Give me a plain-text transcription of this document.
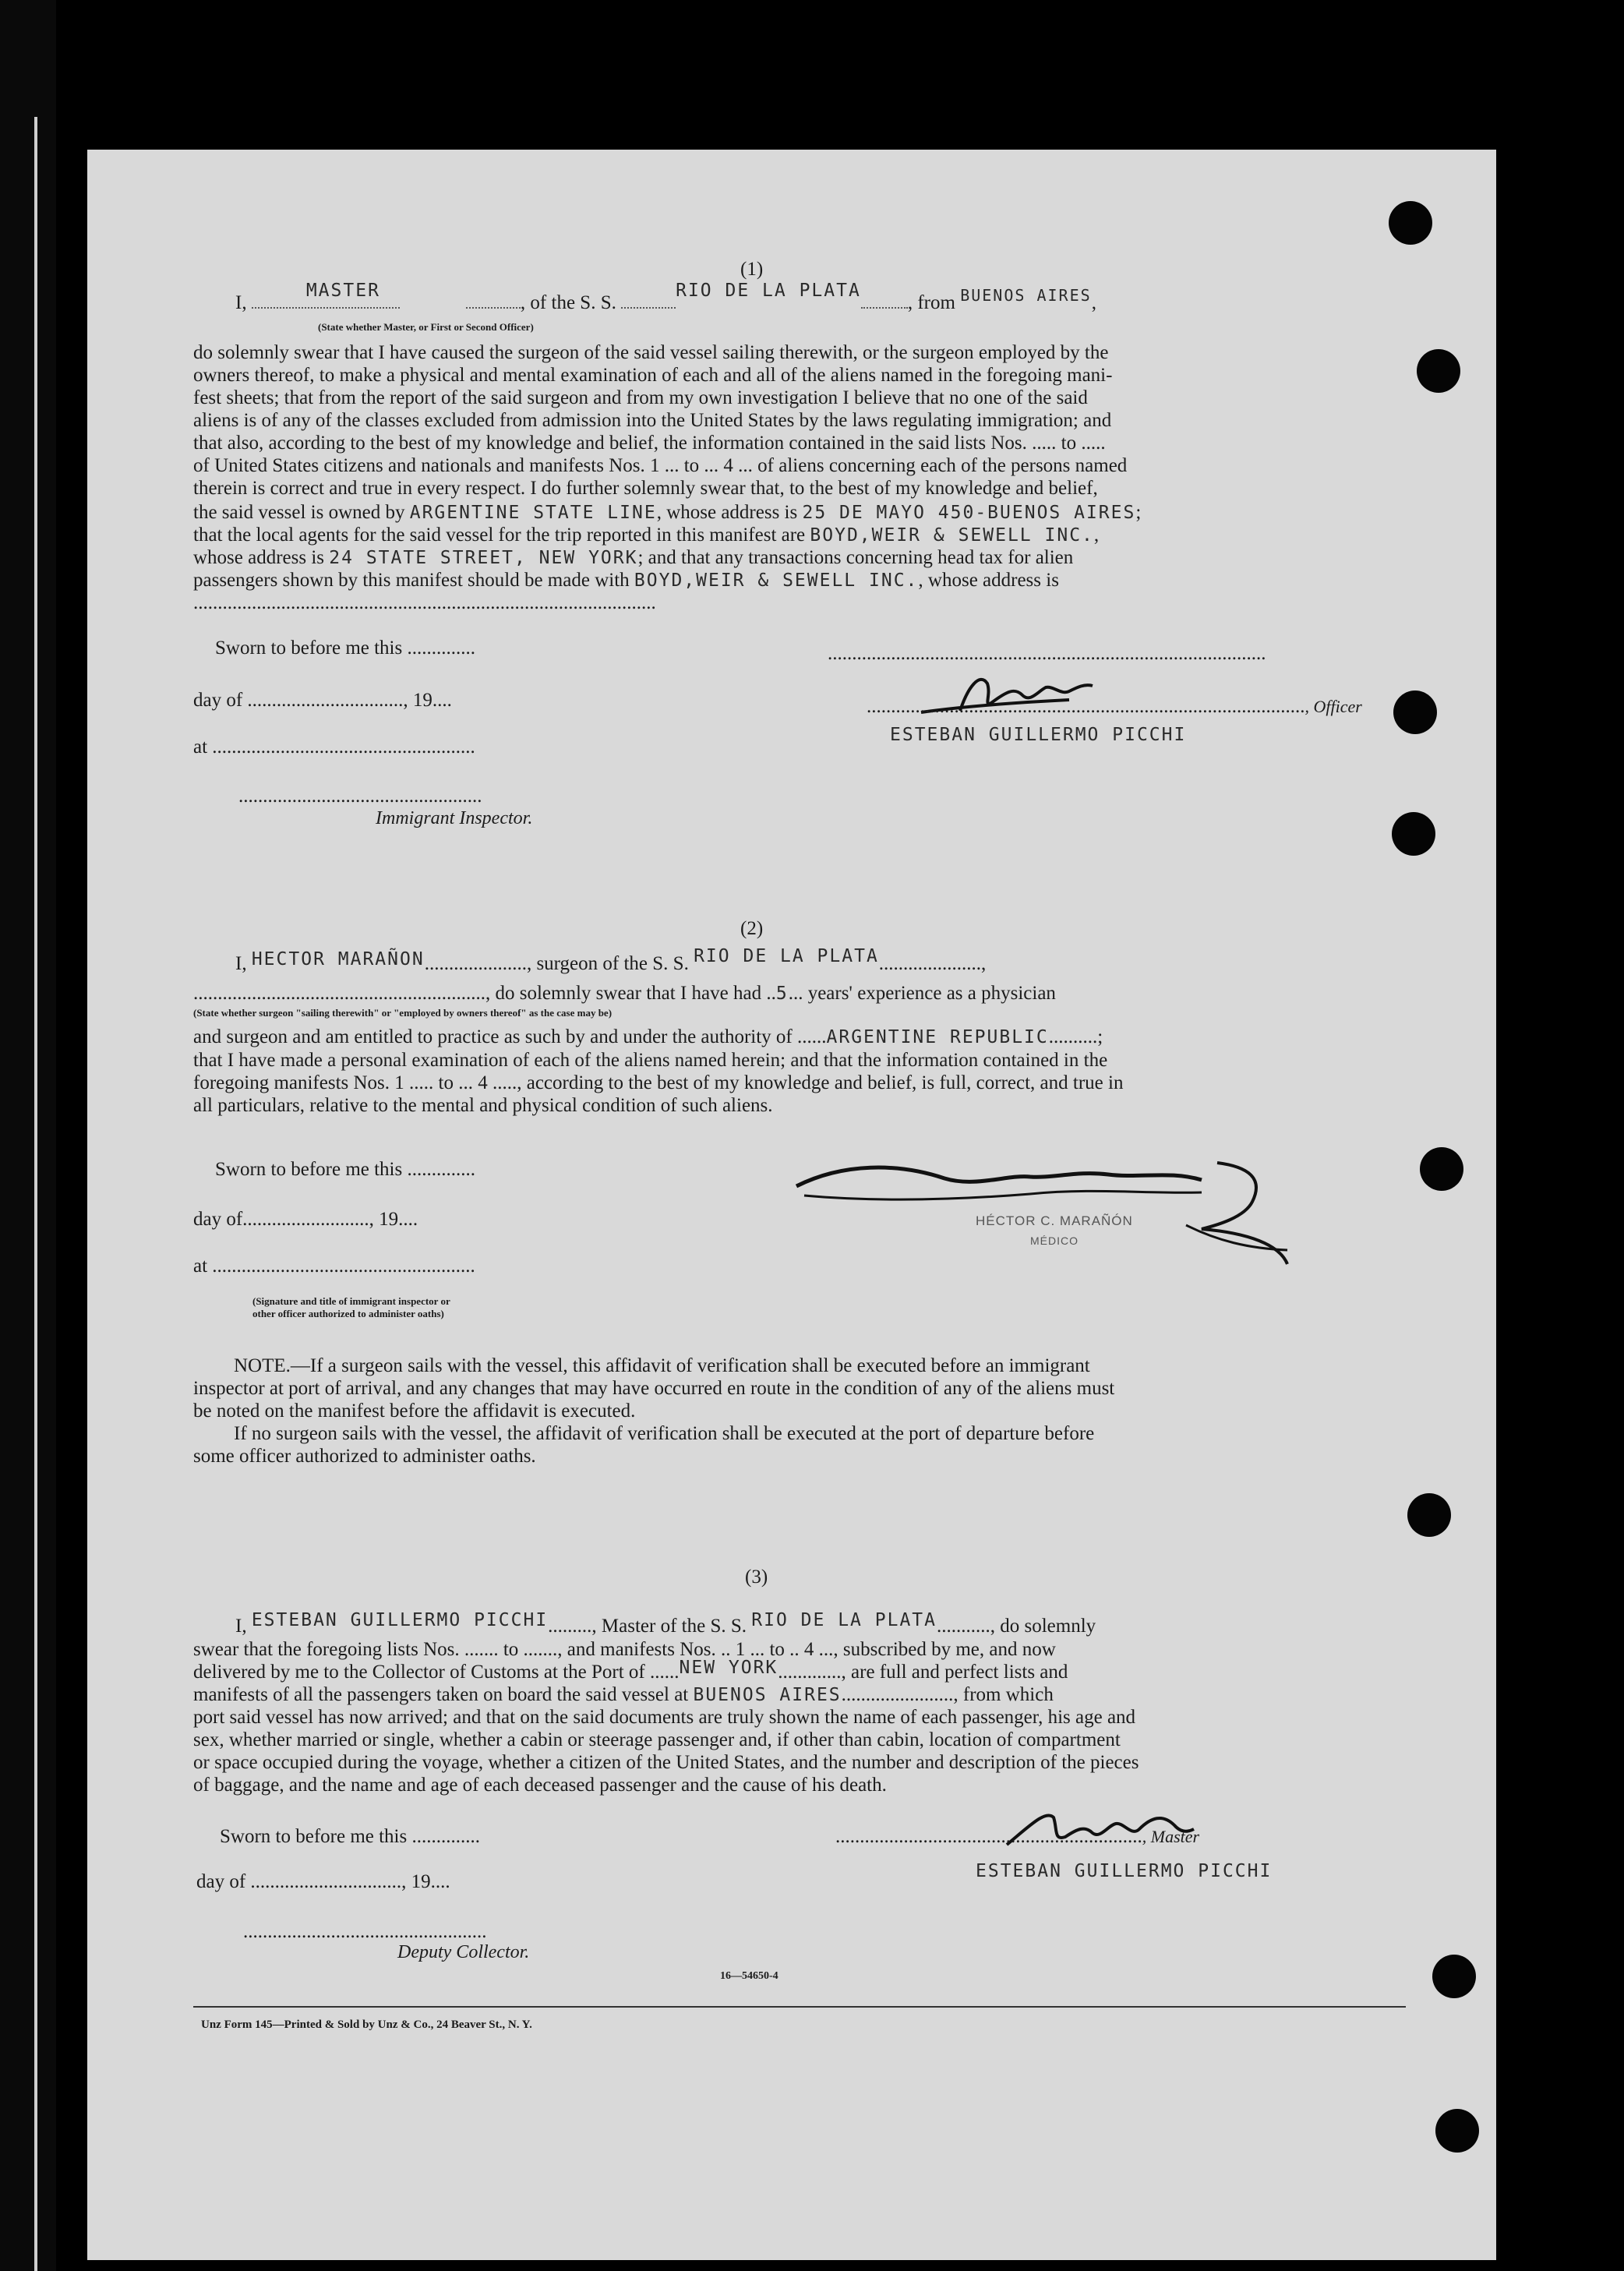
(1)
I, MASTER, of the S. S. RIO DE LA PLATA, from $^{BUENOS AIRES}$,
(State whether Master, or First or Second Officer)

do solemnly swear that I have caused the surgeon of the said vessel sailing therewith, or the surgeon employed by the

owners thereof, to make a physical and mental examination of each and all of the aliens named in the foregoing mani-

fest sheets; that from the report of the said surgeon and from my own investigation I believe that no one of the said

aliens is of any of the classes excluded from admission into the United States by the laws regulating immigration; and

that also, according to the best of my knowledge and belief, the information contained in the said lists Nos. ..... to .....

of United States citizens and nationals and manifests Nos. 1 ... to ... 4 ... of aliens concerning each of the persons named

therein is correct and true in every respect. I do further solemnly swear that, to the best of my knowledge and belief,

the said vessel is owned by ARGENTINE STATE LINE, whose address is 25 DE MAYO 450-BUENOS AIRES;
that the local agents for the said vessel for the trip reported in this manifest are BOYD,WEIR & SEWELL INC.,
whose address is 24 STATE STREET, NEW YORK; and that any transactions concerning head tax for alien
passengers shown by this manifest should be made with BOYD,WEIR & SEWELL INC., whose address is
...............................................................................................
Sworn to before me this ..............
day of ................................, 19....
at ......................................................
..................................................
Immigrant Inspector.
..........................................................................................
.........................................................................................., Officer
ESTEBAN GUILLERMO PICCHI
(2)
I, HECTOR MARAÑON....................., surgeon of the S. S. RIO DE LA PLATA.....................,
............................................................, do solemnly swear that I have had ..5... years' experience as a physician
(State whether surgeon "sailing therewith" or "employed by owners thereof" as the case may be)
and surgeon and am entitled to practice as such by and under the authority of ......ARGENTINE REPUBLIC..........;

that I have made a personal examination of each of the aliens named herein; and that the information contained in the

foregoing manifests Nos. 1 ..... to ... 4 ....., according to the best of my knowledge and belief, is full, correct, and true in

all particulars, relative to the mental and physical condition of such aliens.

Sworn to before me this ..............
day of.........................., 19....
at ......................................................
(Signature and title of immigrant inspector or
other officer authorized to administer oaths)
HÉCTOR C. MARAÑÓN
MÉDICO

NOTE.—If a surgeon sails with the vessel, this affidavit of verification shall be executed before an immigrant

inspector at port of arrival, and any changes that may have occurred en route in the condition of any of the aliens must

be noted on the manifest before the affidavit is executed.

If no surgeon sails with the vessel, the affidavit of verification shall be executed at the port of departure before

some officer authorized to administer oaths.

(3)
I, ESTEBAN GUILLERMO PICCHI........., Master of the S. S. RIO DE LA PLATA..........., do solemnly
swear that the foregoing lists Nos. ....... to ......., and manifests Nos. .. 1 ... to .. 4 ..., subscribed by me, and now
delivered by me to the Collector of Customs at the Port of ......NEW YORK............., are full and perfect lists and
manifests of all the passengers taken on board the said vessel at BUENOS AIRES......................., from which

port said vessel has now arrived; and that on the said documents are truly shown the name of each passenger, his age and

sex, whether married or single, whether a cabin or steerage passenger and, if other than cabin, location of compartment

or space occupied during the voyage, whether a citizen of the United States, and the number and description of the pieces

of baggage, and the name and age of each deceased passenger and the cause of his death.

Sworn to before me this ..............
day of ..............................., 19....
..................................................
Deputy Collector.
..............................................................., Master
ESTEBAN GUILLERMO PICCHI
16—54650-4
Unz Form 145—Printed & Sold by Unz & Co., 24 Beaver St., N. Y.
